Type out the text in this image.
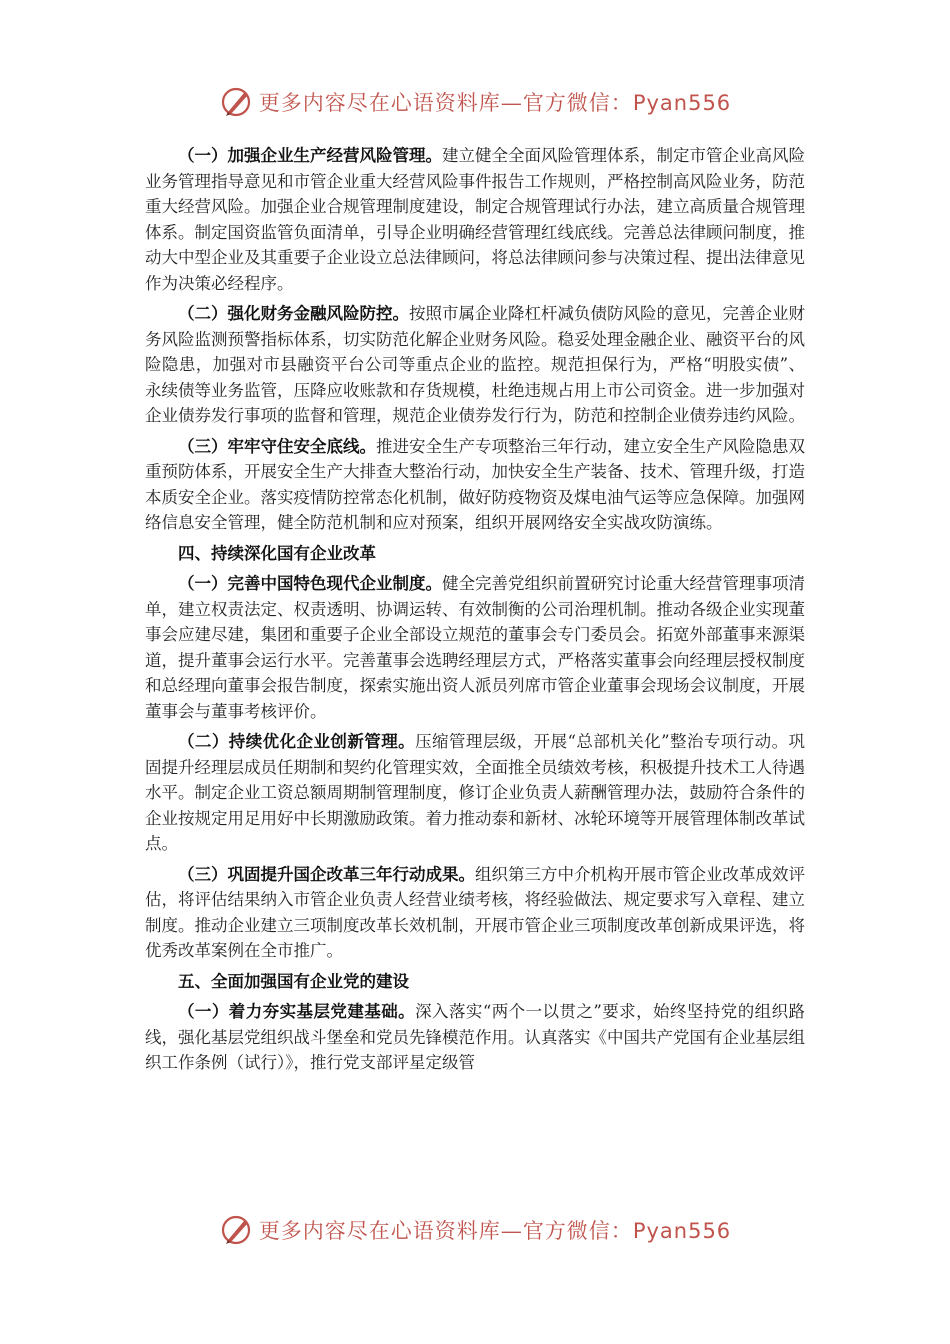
更多内容尽在心语资料库—官方微信：Pyan556

（一）加强企业生产经营风险管理。建立健全全面风险管理体系，制定市管企业高风险业务管理指导意见和市管企业重大经营风险事件报告工作规则，严格控制高风险业务，防范重大经营风险。加强企业合规管理制度建设，制定合规管理试行办法，建立高质量合规管理体系。制定国资监管负面清单，引导企业明确经营管理红线底线。完善总法律顾问制度，推动大中型企业及其重要子企业设立总法律顾问，将总法律顾问参与决策过程、提出法律意见作为决策必经程序。

（二）强化财务金融风险防控。按照市属企业降杠杆减负债防风险的意见，完善企业财务风险监测预警指标体系，切实防范化解企业财务风险。稳妥处理金融企业、融资平台的风险隐患，加强对市县融资平台公司等重点企业的监控。规范担保行为，严格“明股实债”、永续债等业务监管，压降应收账款和存货规模，杜绝违规占用上市公司资金。进一步加强对企业债券发行事项的监督和管理，规范企业债券发行行为，防范和控制企业债券违约风险。

（三）牢牢守住安全底线。推进安全生产专项整治三年行动，建立安全生产风险隐患双重预防体系，开展安全生产大排查大整治行动，加快安全生产装备、技术、管理升级，打造本质安全企业。落实疫情防控常态化机制，做好防疫物资及煤电油气运等应急保障。加强网络信息安全管理，健全防范机制和应对预案，组织开展网络安全实战攻防演练。

四、持续深化国有企业改革

（一）完善中国特色现代企业制度。健全完善党组织前置研究讨论重大经营管理事项清单，建立权责法定、权责透明、协调运转、有效制衡的公司治理机制。推动各级企业实现董事会应建尽建，集团和重要子企业全部设立规范的董事会专门委员会。拓宽外部董事来源渠道，提升董事会运行水平。完善董事会选聘经理层方式，严格落实董事会向经理层授权制度和总经理向董事会报告制度，探索实施出资人派员列席市管企业董事会现场会议制度，开展董事会与董事考核评价。

（二）持续优化企业创新管理。压缩管理层级，开展“总部机关化”整治专项行动。巩固提升经理层成员任期制和契约化管理实效，全面推全员绩效考核，积极提升技术工人待遇水平。制定企业工资总额周期制管理制度，修订企业负责人薪酬管理办法，鼓励符合条件的企业按规定用足用好中长期激励政策。着力推动泰和新材、冰轮环境等开展管理体制改革试点。

（三）巩固提升国企改革三年行动成果。组织第三方中介机构开展市管企业改革成效评估，将评估结果纳入市管企业负责人经营业绩考核，将经验做法、规定要求写入章程、建立制度。推动企业建立三项制度改革长效机制，开展市管企业三项制度改革创新成果评选，将优秀改革案例在全市推广。

五、全面加强国有企业党的建设

（一）着力夯实基层党建基础。深入落实“两个一以贯之”要求，始终坚持党的组织路线，强化基层党组织战斗堡垒和党员先锋模范作用。认真落实《中国共产党国有企业基层组织工作条例（试行）》，推行党支部评星定级管

更多内容尽在心语资料库—官方微信：Pyan556
